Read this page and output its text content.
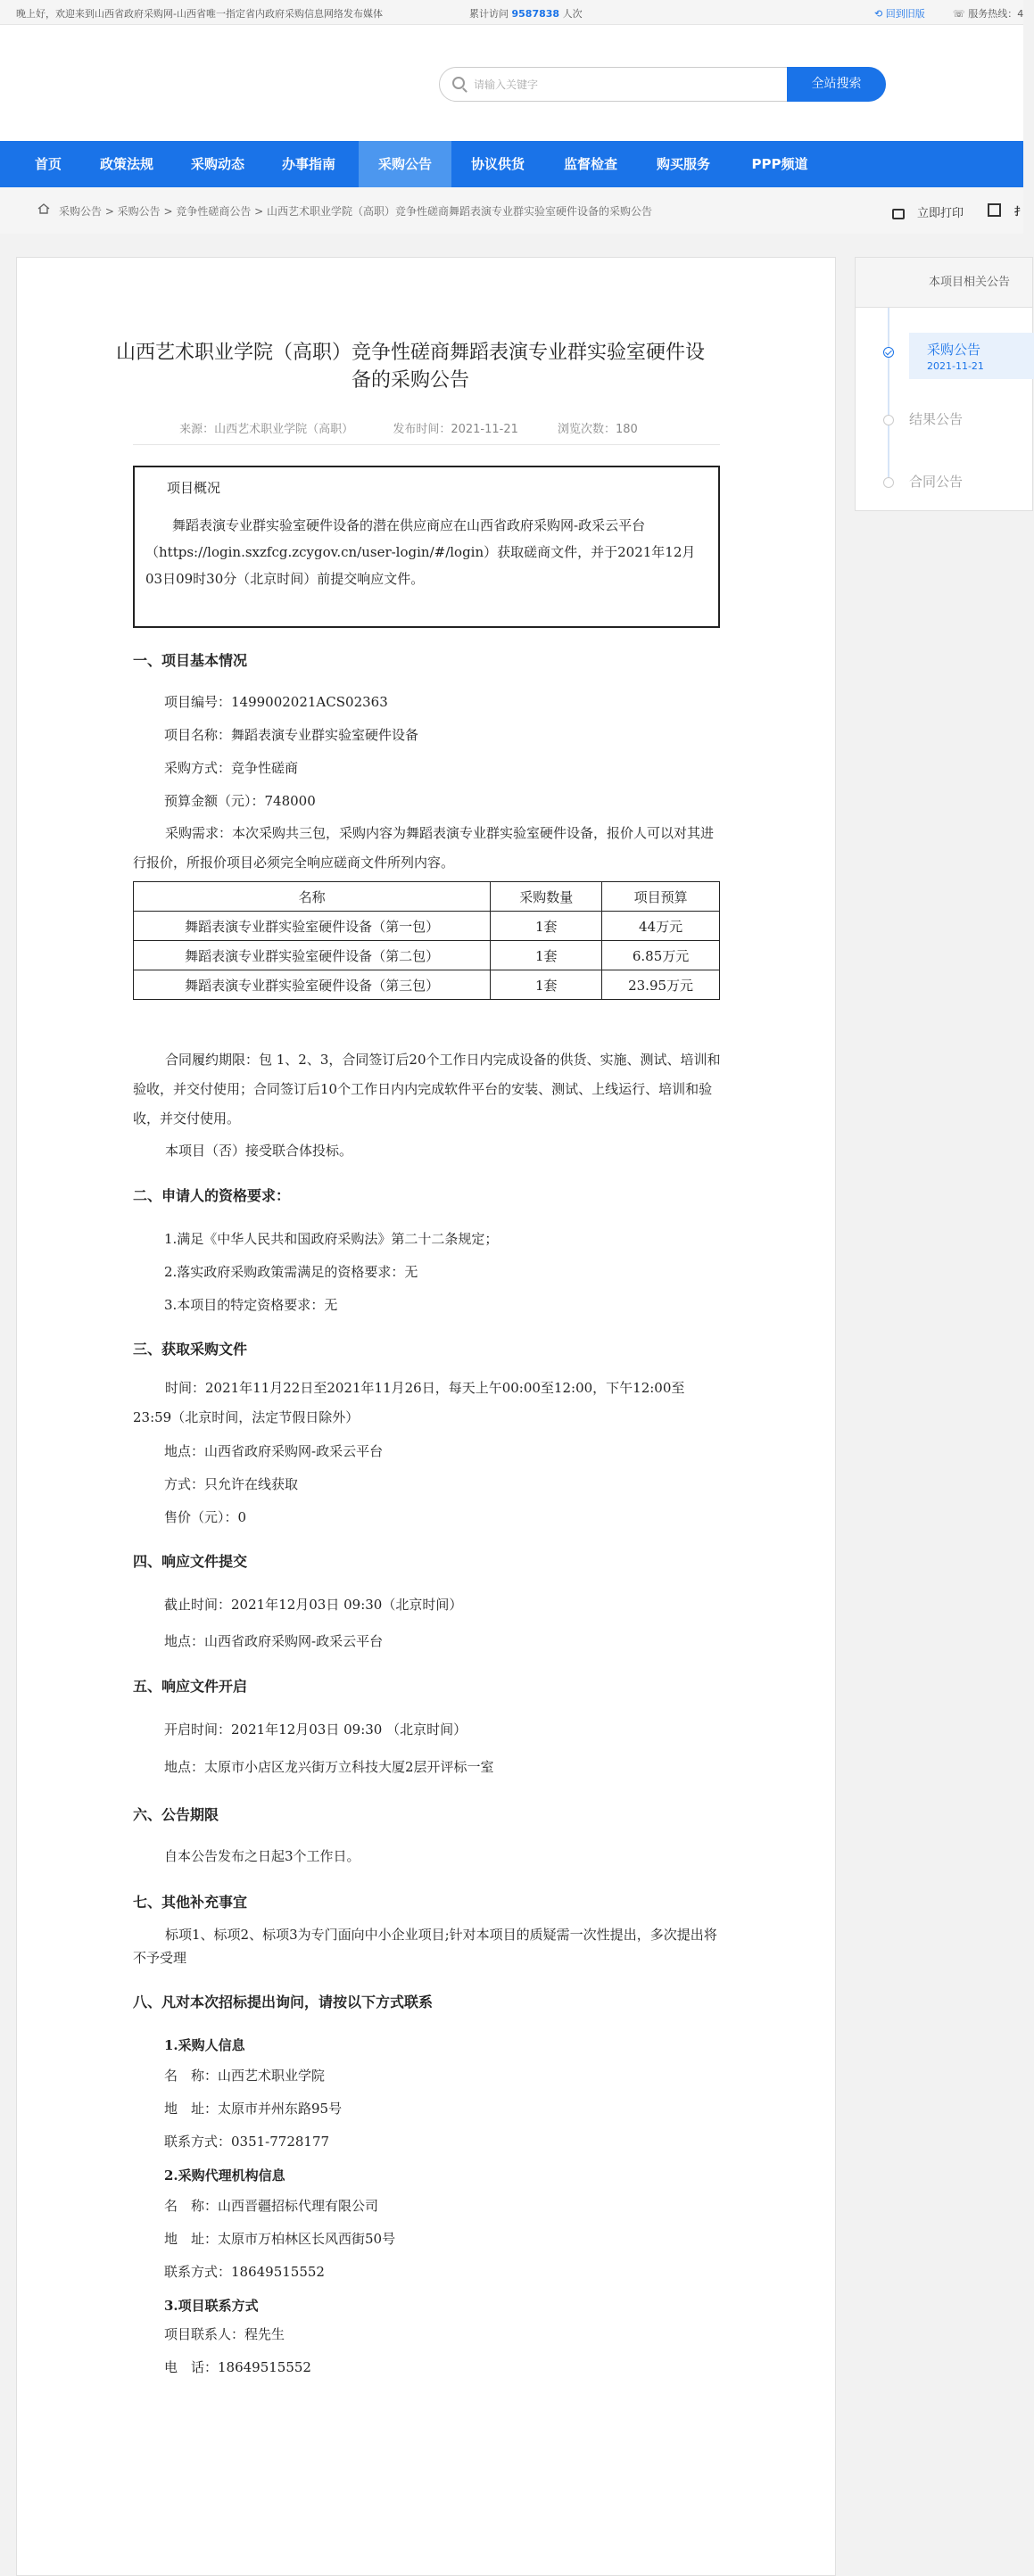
晚上好，欢迎来到山西省政府采购网-山西省唯一指定省内政府采购信息网络发布媒体	累计访问 9587838 人次	⟲ 回到旧版	☏ 服务热线：4
请输入关键字
全站搜索
首页	政策法规	采购动态	办事指南	采购公告	协议供货	监督检查	购买服务	PPP频道
采购公告 > 采购公告 > 竞争性磋商公告 > 山西艺术职业学院（高职）竞争性磋商舞蹈表演专业群实验室硬件设备的采购公告	立即打印	扌
本项目相关公告
采购公告
2021-11-21
结果公告
合同公告
山西艺术职业学院（高职）竞争性磋商舞蹈表演专业群实验室硬件设备的采购公告
来源：山西艺术职业学院（高职）	发布时间：2021-11-21	浏览次数：180
项目概况
舞蹈表演专业群实验室硬件设备的潜在供应商应在山西省政府采购网-政采云平台（https://login.sxzfcg.zcygov.cn/user-login/#/login）获取磋商文件，并于2021年12月03日09时30分（北京时间）前提交响应文件。
一、项目基本情况
项目编号：1499002021ACS02363
项目名称：舞蹈表演专业群实验室硬件设备
采购方式：竞争性磋商
预算金额（元）：748000
采购需求：本次采购共三包，采购内容为舞蹈表演专业群实验室硬件设备，报价人可以对其进行报价，所报价项目必须完全响应磋商文件所列内容。
名称	采购数量	项目预算
舞蹈表演专业群实验室硬件设备（第一包）	1套	44万元
舞蹈表演专业群实验室硬件设备（第二包）	1套	6.85万元
舞蹈表演专业群实验室硬件设备（第三包）	1套	23.95万元
合同履约期限：包 1、2、3，合同签订后20个工作日内完成设备的供货、实施、测试、培训和验收，并交付使用；合同签订后10个工作日内内完成软件平台的安装、测试、上线运行、培训和验收，并交付使用。
本项目（否）接受联合体投标。
二、申请人的资格要求：
1.满足《中华人民共和国政府采购法》第二十二条规定；
2.落实政府采购政策需满足的资格要求：无
3.本项目的特定资格要求：无
三、获取采购文件
时间：2021年11月22日至2021年11月26日，每天上午00:00至12:00，下午12:00至23:59（北京时间，法定节假日除外）
地点：山西省政府采购网-政采云平台
方式：只允许在线获取
售价（元）：0
四、响应文件提交
截止时间：2021年12月03日 09:30（北京时间）
地点：山西省政府采购网-政采云平台
五、响应文件开启
开启时间：2021年12月03日 09:30 （北京时间）
地点：太原市小店区龙兴街万立科技大厦2层开评标一室
六、公告期限
自本公告发布之日起3个工作日。
七、其他补充事宜
标项1、标项2、标项3为专门面向中小企业项目;针对本项目的质疑需一次性提出，多次提出将不予受理
八、凡对本次招标提出询问，请按以下方式联系
1.采购人信息
名　称：山西艺术职业学院
地　址：太原市并州东路95号
联系方式：0351-7728177
2.采购代理机构信息
名　称：山西晋疆招标代理有限公司
地　址：太原市万柏林区长风西街50号
联系方式：18649515552
3.项目联系方式
项目联系人：程先生
电　话：18649515552
